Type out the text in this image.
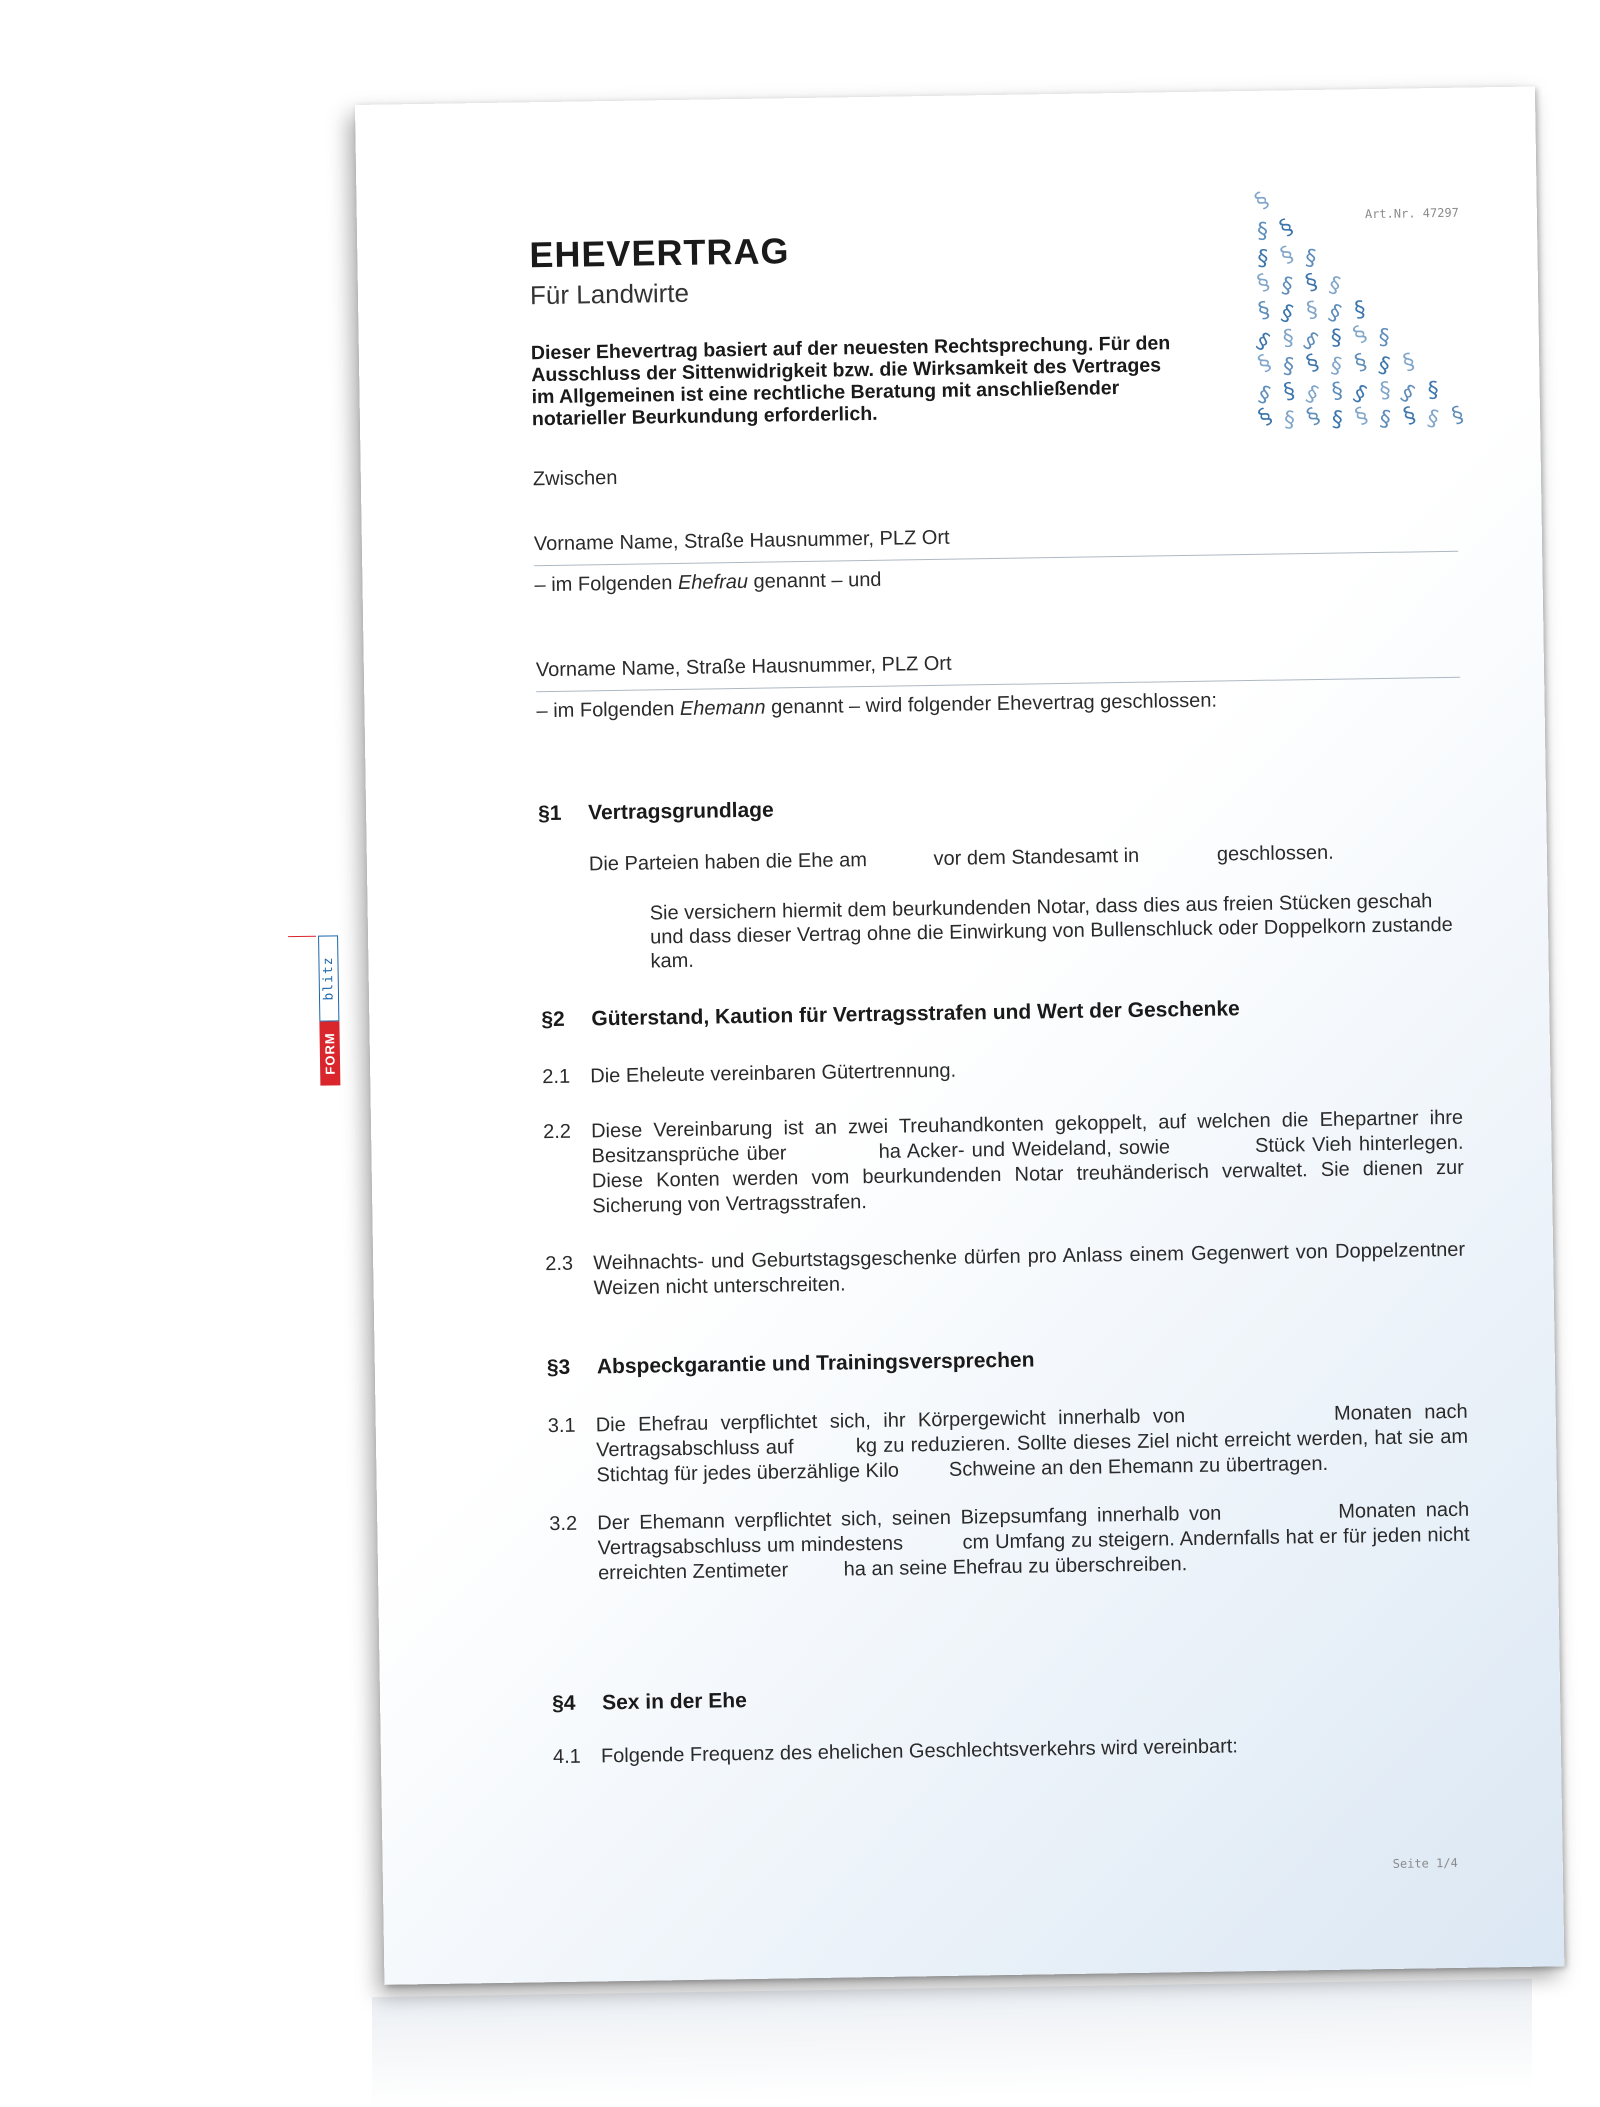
blitz
FORM
Art.Nr. 47297
§
§ §
§ § §
§ § § §
§ § § § §
§ § § § § §
§ § § § § § §
§ § § § § § § §
§ § § § § § § § §
EHEVERTRAG
Für Landwirte
Dieser Ehevertrag basiert auf der neuesten Rechtsprechung. Für den Ausschluss der Sittenwidrigkeit bzw. die Wirksamkeit des Vertrages im Allgemeinen ist eine rechtliche Beratung mit anschließender notarieller Beurkundung erforderlich.
Zwischen
Vorname Name, Straße Hausnummer, PLZ Ort
– im Folgenden Ehefrau genannt – und
Vorname Name, Straße Hausnummer, PLZ Ort
– im Folgenden Ehemann genannt – wird folgender Ehevertrag geschlossen:
§1 Vertragsgrundlage
Die Parteien haben die Ehe am            vor dem Standesamt in              geschlossen.
Sie versichern hiermit dem beurkundenden Notar, dass dies aus freien Stücken geschah und dass dieser Vertrag ohne die Einwirkung von Bullenschluck oder Doppelkorn zustande kam.
§2 Güterstand, Kaution für Vertragsstrafen und Wert der Geschenke
2.1 Die Eheleute vereinbaren Gütertrennung.
2.2 Diese Vereinbarung ist an zwei Treuhandkonten gekoppelt, auf welchen die Ehepartner ihre Besitzansprüche über             ha Acker- und Weideland, sowie            Stück Vieh hinterlegen. Diese Konten werden vom beurkundenden Notar treuhänderisch verwaltet. Sie dienen zur Sicherung von Vertragsstrafen.
2.3 Weihnachts- und Geburtstagsgeschenke dürfen pro Anlass einem Gegenwert von Doppelzentner Weizen nicht unterschreiten.
§3 Abspeckgarantie und Trainingsversprechen
3.1 Die Ehefrau verpflichtet sich, ihr Körpergewicht innerhalb von            Monaten nach Vertragsabschluss auf          kg zu reduzieren. Sollte dieses Ziel nicht erreicht werden, hat sie am Stichtag für jedes überzählige Kilo         Schweine an den Ehemann zu übertragen.
3.2 Der Ehemann verpflichtet sich, seinen Bizepsumfang innerhalb von            Monaten nach Vertragsabschluss um mindestens          cm Umfang zu steigern. Andernfalls hat er für jeden nicht erreichten Zentimeter          ha an seine Ehefrau zu überschreiben.
§4 Sex in der Ehe
4.1 Folgende Frequenz des ehelichen Geschlechtsverkehrs wird vereinbart:
Seite 1/4
